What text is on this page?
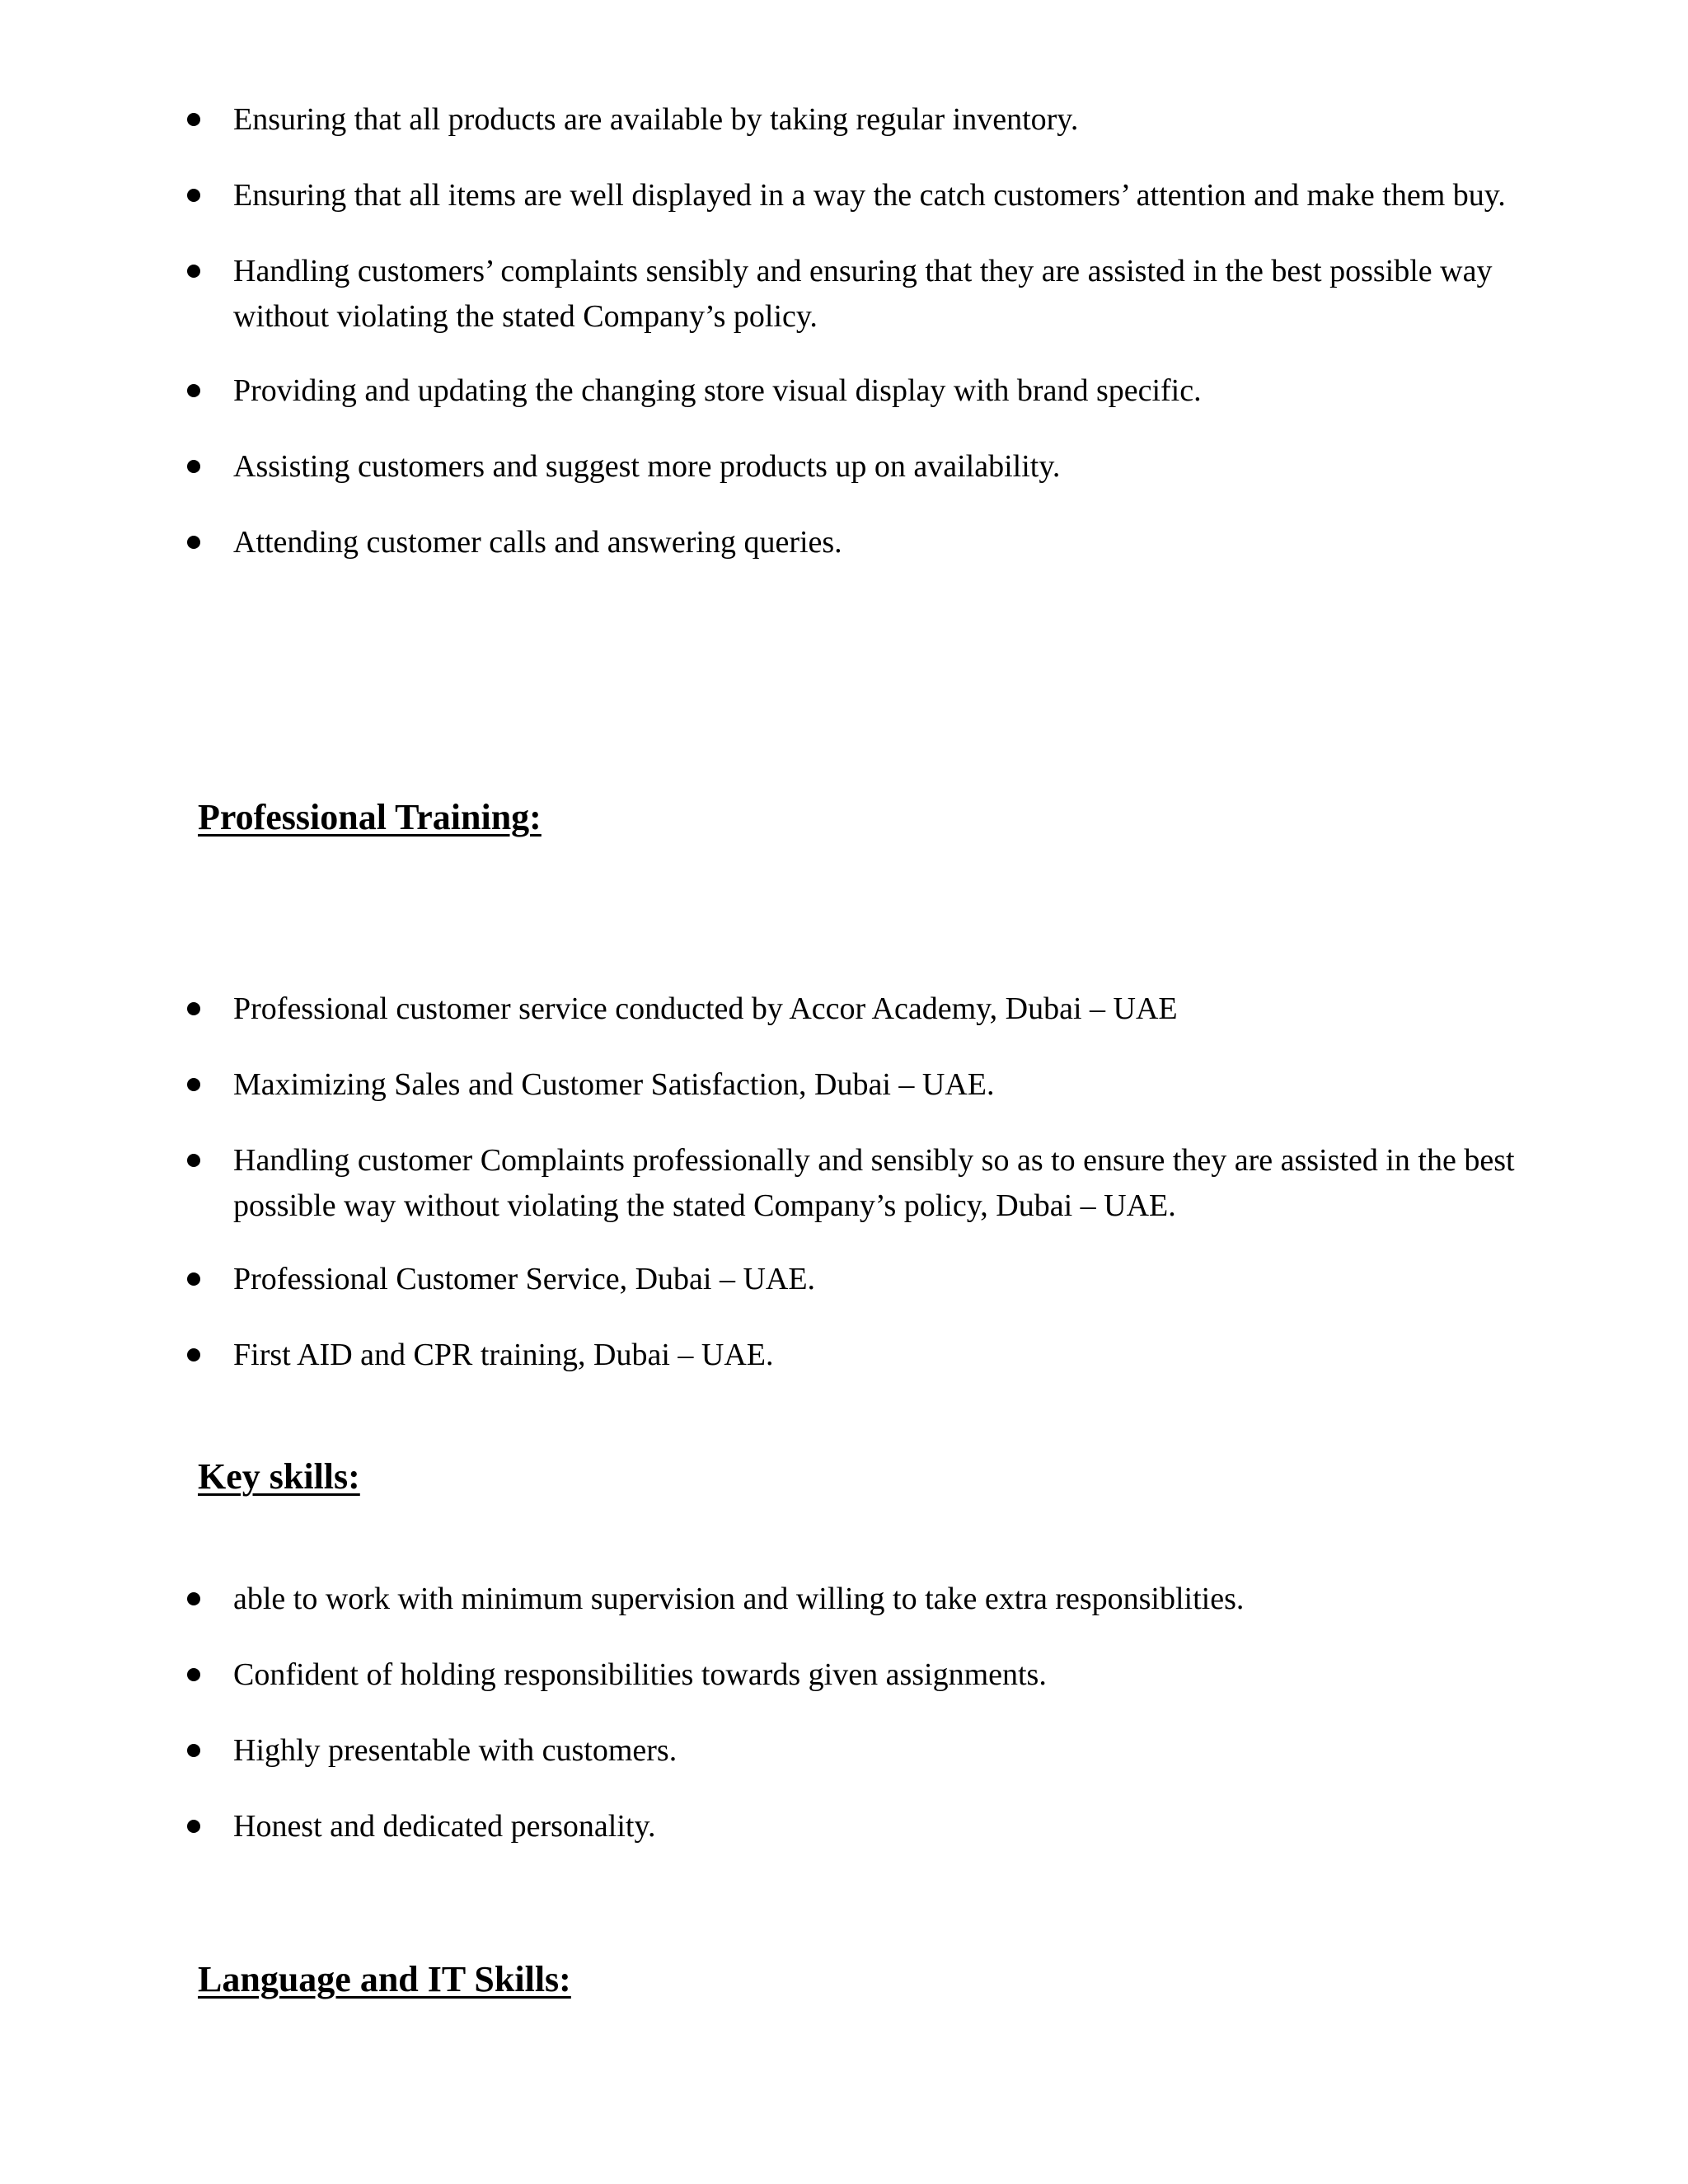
Ensuring that all products are available by taking regular inventory.
Ensuring that all items are well displayed in a way the catch customers’ attention and make them buy.
Handling customers’ complaints sensibly and ensuring that they are assisted in the best possible way without violating the stated Company’s policy.
Providing and updating the changing store visual display with brand specific.
Assisting customers and suggest more products up on availability.
Attending customer calls and answering queries.
Professional Training:
Professional customer service conducted by Accor Academy, Dubai – UAE
Maximizing Sales and Customer Satisfaction, Dubai – UAE.
Handling customer Complaints professionally and sensibly so as to ensure they are assisted in the best possible way without violating the stated Company’s policy, Dubai – UAE.
Professional Customer Service, Dubai – UAE.
First AID and CPR training, Dubai – UAE.
Key skills:
able to work with minimum supervision and willing to take extra responsiblities.
Confident of holding responsibilities towards given assignments.
Highly presentable with customers.
Honest and dedicated personality.
Language and IT Skills:
